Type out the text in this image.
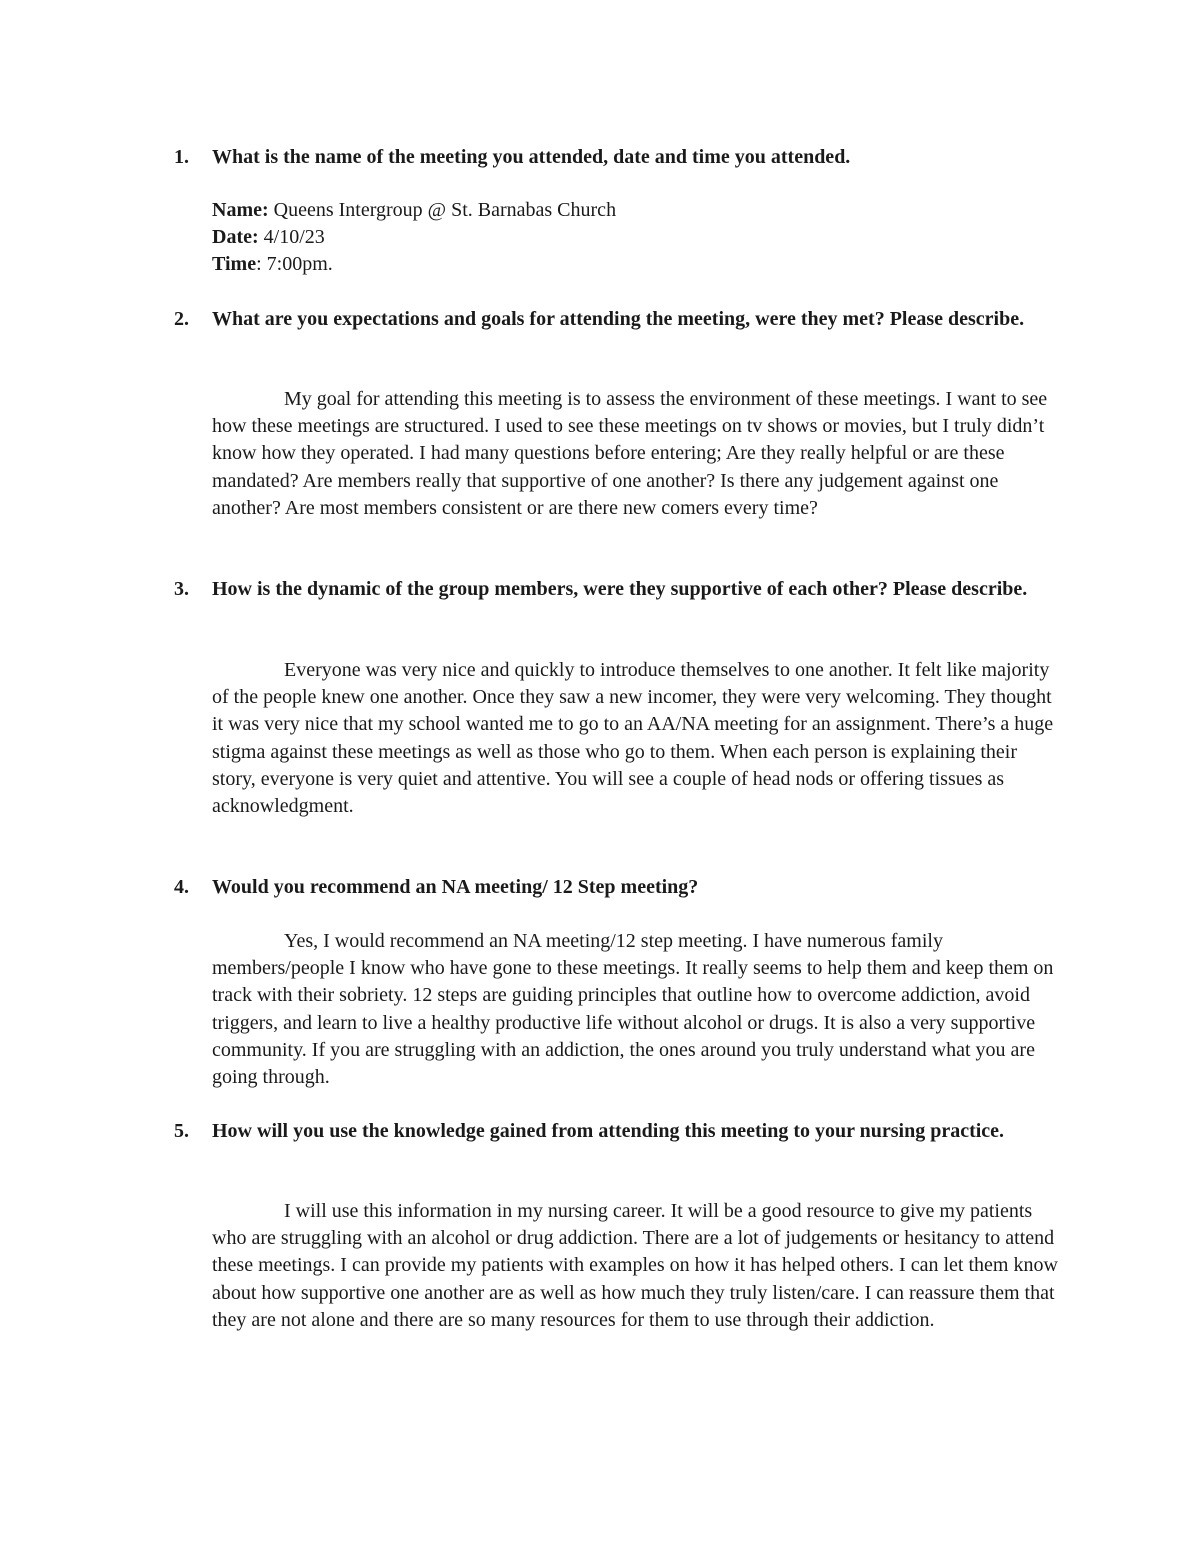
1. What is the name of the meeting you attended, date and time you attended.
Name: Queens Intergroup @ St. Barnabas Church
Date: 4/10/23
Time: 7:00pm.
2. What are you expectations and goals for attending the meeting, were they met? Please describe.
My goal for attending this meeting is to assess the environment of these meetings. I want to see how these meetings are structured. I used to see these meetings on tv shows or movies, but I truly didn’t know how they operated. I had many questions before entering; Are they really helpful or are these mandated? Are members really that supportive of one another? Is there any judgement against one another? Are most members consistent or are there new comers every time?
3. How is the dynamic of the group members, were they supportive of each other? Please describe.
Everyone was very nice and quickly to introduce themselves to one another. It felt like majority of the people knew one another. Once they saw a new incomer, they were very welcoming. They thought it was very nice that my school wanted me to go to an AA/NA meeting for an assignment. There’s a huge stigma against these meetings as well as those who go to them. When each person is explaining their story, everyone is very quiet and attentive. You will see a couple of head nods or offering tissues as acknowledgment.
4. Would you recommend an NA meeting/ 12 Step meeting?
Yes, I would recommend an NA meeting/12 step meeting. I have numerous family members/people I know who have gone to these meetings. It really seems to help them and keep them on track with their sobriety. 12 steps are guiding principles that outline how to overcome addiction, avoid triggers, and learn to live a healthy productive life without alcohol or drugs. It is also a very supportive community. If you are struggling with an addiction, the ones around you truly understand what you are going through.
5. How will you use the knowledge gained from attending this meeting to your nursing practice.
I will use this information in my nursing career. It will be a good resource to give my patients who are struggling with an alcohol or drug addiction. There are a lot of judgements or hesitancy to attend these meetings. I can provide my patients with examples on how it has helped others. I can let them know about how supportive one another are as well as how much they truly listen/care. I can reassure them that they are not alone and there are so many resources for them to use through their addiction.
